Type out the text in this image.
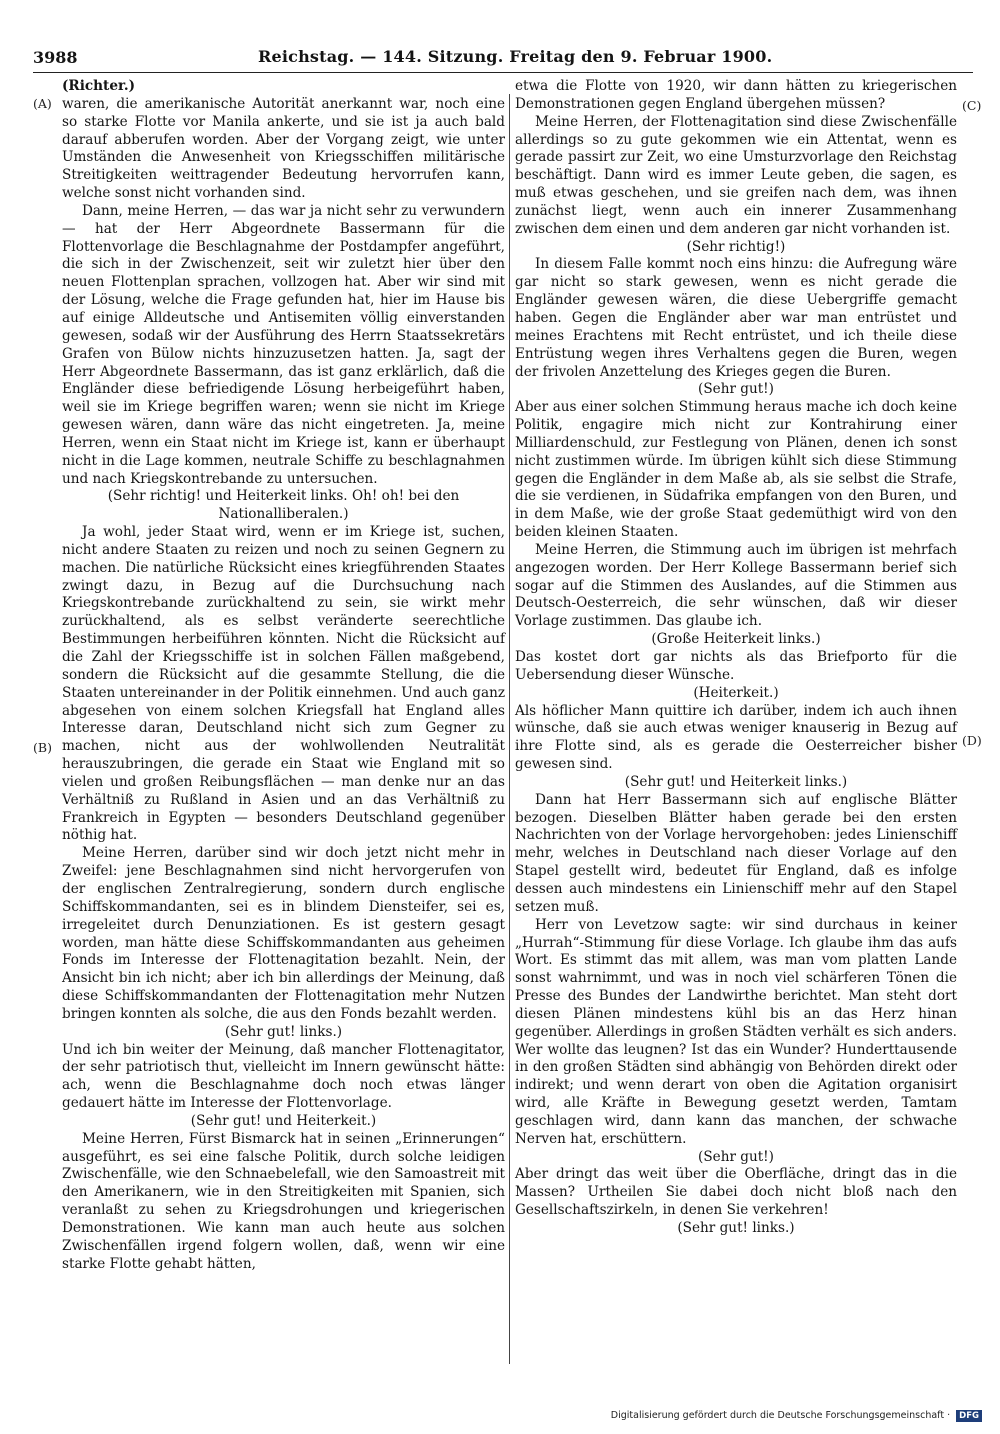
3988	Reichstag. — 144. Sitzung. Freitag den 9. Februar 1900.
(A)
(B)
(C)
(D)

(Richter.)

waren, die amerikanische Autorität anerkannt war, noch eine so starke Flotte vor Manila ankerte, und sie ist ja auch bald darauf abberufen worden. Aber der Vorgang zeigt, wie unter Umständen die Anwesenheit von Kriegsschiffen militärische Streitigkeiten weittragender Bedeutung hervorrufen kann, welche sonst nicht vorhanden sind.

Dann, meine Herren, — das war ja nicht sehr zu verwundern — hat der Herr Abgeordnete Bassermann für die Flottenvorlage die Beschlagnahme der Postdampfer angeführt, die sich in der Zwischenzeit, seit wir zuletzt hier über den neuen Flottenplan sprachen, vollzogen hat. Aber wir sind mit der Lösung, welche die Frage gefunden hat, hier im Hause bis auf einige Alldeutsche und Antisemiten völlig einverstanden gewesen, sodaß wir der Ausführung des Herrn Staatssekretärs Grafen von Bülow nichts hinzuzusetzen hatten. Ja, sagt der Herr Abgeordnete Bassermann, das ist ganz erklärlich, daß die Engländer diese befriedigende Lösung herbeigeführt haben, weil sie im Kriege begriffen waren; wenn sie nicht im Kriege gewesen wären, dann wäre das nicht eingetreten. Ja, meine Herren, wenn ein Staat nicht im Kriege ist, kann er überhaupt nicht in die Lage kommen, neutrale Schiffe zu beschlagnahmen und nach Kriegskontrebande zu untersuchen.

(Sehr richtig! und Heiterkeit links. Oh! oh! bei den Nationalliberalen.)

Ja wohl, jeder Staat wird, wenn er im Kriege ist, suchen, nicht andere Staaten zu reizen und noch zu seinen Gegnern zu machen. Die natürliche Rücksicht eines kriegführenden Staates zwingt dazu, in Bezug auf die Durchsuchung nach Kriegskontrebande zurückhaltend zu sein, sie wirkt mehr zurückhaltend, als es selbst veränderte seerechtliche Bestimmungen herbeiführen könnten. Nicht die Rücksicht auf die Zahl der Kriegsschiffe ist in solchen Fällen maßgebend, sondern die Rücksicht auf die gesammte Stellung, die die Staaten untereinander in der Politik einnehmen. Und auch ganz abgesehen von einem solchen Kriegsfall hat England alles Interesse daran, Deutschland nicht sich zum Gegner zu machen, nicht aus der wohlwollenden Neutralität herauszubringen, die gerade ein Staat wie England mit so vielen und großen Reibungsflächen — man denke nur an das Verhältniß zu Rußland in Asien und an das Verhältniß zu Frankreich in Egypten — besonders Deutschland gegenüber nöthig hat.

Meine Herren, darüber sind wir doch jetzt nicht mehr in Zweifel: jene Beschlagnahmen sind nicht hervorgerufen von der englischen Zentralregierung, sondern durch englische Schiffskommandanten, sei es in blindem Diensteifer, sei es, irregeleitet durch Denunziationen. Es ist gestern gesagt worden, man hätte diese Schiffskommandanten aus geheimen Fonds im Interesse der Flottenagitation bezahlt. Nein, der Ansicht bin ich nicht; aber ich bin allerdings der Meinung, daß diese Schiffskommandanten der Flottenagitation mehr Nutzen bringen konnten als solche, die aus den Fonds bezahlt werden.

(Sehr gut! links.)

Und ich bin weiter der Meinung, daß mancher Flottenagitator, der sehr patriotisch thut, vielleicht im Innern gewünscht hätte: ach, wenn die Beschlagnahme doch noch etwas länger gedauert hätte im Interesse der Flottenvorlage.

(Sehr gut! und Heiterkeit.)

Meine Herren, Fürst Bismarck hat in seinen „Erinnerungen“ ausgeführt, es sei eine falsche Politik, durch solche leidigen Zwischenfälle, wie den Schnaebelefall, wie den Samoastreit mit den Amerikanern, wie in den Streitigkeiten mit Spanien, sich veranlaßt zu sehen zu Kriegsdrohungen und kriegerischen Demonstrationen. Wie kann man auch heute aus solchen Zwischenfällen irgend folgern wollen, daß, wenn wir eine starke Flotte gehabt hätten,

etwa die Flotte von 1920, wir dann hätten zu kriegerischen Demonstrationen gegen England übergehen müssen?

Meine Herren, der Flottenagitation sind diese Zwischenfälle allerdings so zu gute gekommen wie ein Attentat, wenn es gerade passirt zur Zeit, wo eine Umsturzvorlage den Reichstag beschäftigt. Dann wird es immer Leute geben, die sagen, es muß etwas geschehen, und sie greifen nach dem, was ihnen zunächst liegt, wenn auch ein innerer Zusammenhang zwischen dem einen und dem anderen gar nicht vorhanden ist.

(Sehr richtig!)

In diesem Falle kommt noch eins hinzu: die Aufregung wäre gar nicht so stark gewesen, wenn es nicht gerade die Engländer gewesen wären, die diese Uebergriffe gemacht haben. Gegen die Engländer aber war man entrüstet und meines Erachtens mit Recht entrüstet, und ich theile diese Entrüstung wegen ihres Verhaltens gegen die Buren, wegen der frivolen Anzettelung des Krieges gegen die Buren.

(Sehr gut!)

Aber aus einer solchen Stimmung heraus mache ich doch keine Politik, engagire mich nicht zur Kontrahirung einer Milliardenschuld, zur Festlegung von Plänen, denen ich sonst nicht zustimmen würde. Im übrigen kühlt sich diese Stimmung gegen die Engländer in dem Maße ab, als sie selbst die Strafe, die sie verdienen, in Südafrika empfangen von den Buren, und in dem Maße, wie der große Staat gedemüthigt wird von den beiden kleinen Staaten.

Meine Herren, die Stimmung auch im übrigen ist mehrfach angezogen worden. Der Herr Kollege Bassermann berief sich sogar auf die Stimmen des Auslandes, auf die Stimmen aus Deutsch-Oesterreich, die sehr wünschen, daß wir dieser Vorlage zustimmen. Das glaube ich.

(Große Heiterkeit links.)

Das kostet dort gar nichts als das Briefporto für die Uebersendung dieser Wünsche.

(Heiterkeit.)

Als höflicher Mann quittire ich darüber, indem ich auch ihnen wünsche, daß sie auch etwas weniger knauserig in Bezug auf ihre Flotte sind, als es gerade die Oesterreicher bisher gewesen sind.

(Sehr gut! und Heiterkeit links.)

Dann hat Herr Bassermann sich auf englische Blätter bezogen. Dieselben Blätter haben gerade bei den ersten Nachrichten von der Vorlage hervorgehoben: jedes Linienschiff mehr, welches in Deutschland nach dieser Vorlage auf den Stapel gestellt wird, bedeutet für England, daß es infolge dessen auch mindestens ein Linienschiff mehr auf den Stapel setzen muß.

Herr von Levetzow sagte: wir sind durchaus in keiner „Hurrah“-Stimmung für diese Vorlage. Ich glaube ihm das aufs Wort. Es stimmt das mit allem, was man vom platten Lande sonst wahrnimmt, und was in noch viel schärferen Tönen die Presse des Bundes der Landwirthe berichtet. Man steht dort diesen Plänen mindestens kühl bis an das Herz hinan gegenüber. Allerdings in großen Städten verhält es sich anders. Wer wollte das leugnen? Ist das ein Wunder? Hunderttausende in den großen Städten sind abhängig von Behörden direkt oder indirekt; und wenn derart von oben die Agitation organisirt wird, alle Kräfte in Bewegung gesetzt werden, Tamtam geschlagen wird, dann kann das manchen, der schwache Nerven hat, erschüttern.

(Sehr gut!)

Aber dringt das weit über die Oberfläche, dringt das in die Massen? Urtheilen Sie dabei doch nicht bloß nach den Gesellschaftszirkeln, in denen Sie verkehren!

(Sehr gut! links.)

Digitalisierung gefördert durch die Deutsche Forschungsgemeinschaft · DFG
